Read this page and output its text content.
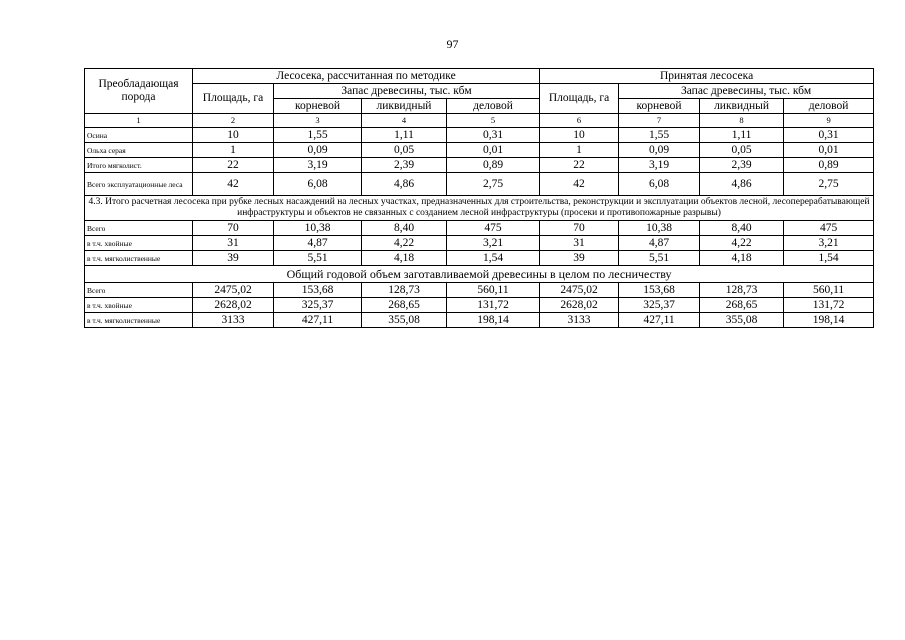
97
Преобладающая порода	Лесосека, рассчитанная по методике				Принятая лесосека			
	Площадь, га	Запас древесины, тыс. кбм			Площадь, га	Запас древесины, тыс. кбм		
		корневой	ликвидный	деловой		корневой	ликвидный	деловой
1	2	3	4	5	6	7	8	9
Осина	10	1,55	1,11	0,31	10	1,55	1,11	0,31
Ольха серая	1	0,09	0,05	0,01	1	0,09	0,05	0,01
Итого мягколист.	22	3,19	2,39	0,89	22	3,19	2,39	0,89
Всего эксплуатационные леса	42	6,08	4,86	2,75	42	6,08	4,86	2,75
4.3. Итого расчетная лесосека при рубке лесных насаждений на лесных участках, предназначенных для строительства, реконструкции и эксплуатации объектов лесной, лесоперерабатывающей инфраструктуры и объектов не связанных с созданием лесной инфраструктуры (просеки и противопожарные разрывы)								
Всего	70	10,38	8,40	475	70	10,38	8,40	475
в т.ч. хвойные	31	4,87	4,22	3,21	31	4,87	4,22	3,21
в т.ч. мягколиственные	39	5,51	4,18	1,54	39	5,51	4,18	1,54
Общий годовой объем заготавливаемой древесины в целом по лесничеству								
Всего	2475,02	153,68	128,73	560,11	2475,02	153,68	128,73	560,11
в т.ч. хвойные	2628,02	325,37	268,65	131,72	2628,02	325,37	268,65	131,72
в т.ч. мягколиственные	3133	427,11	355,08	198,14	3133	427,11	355,08	198,14
